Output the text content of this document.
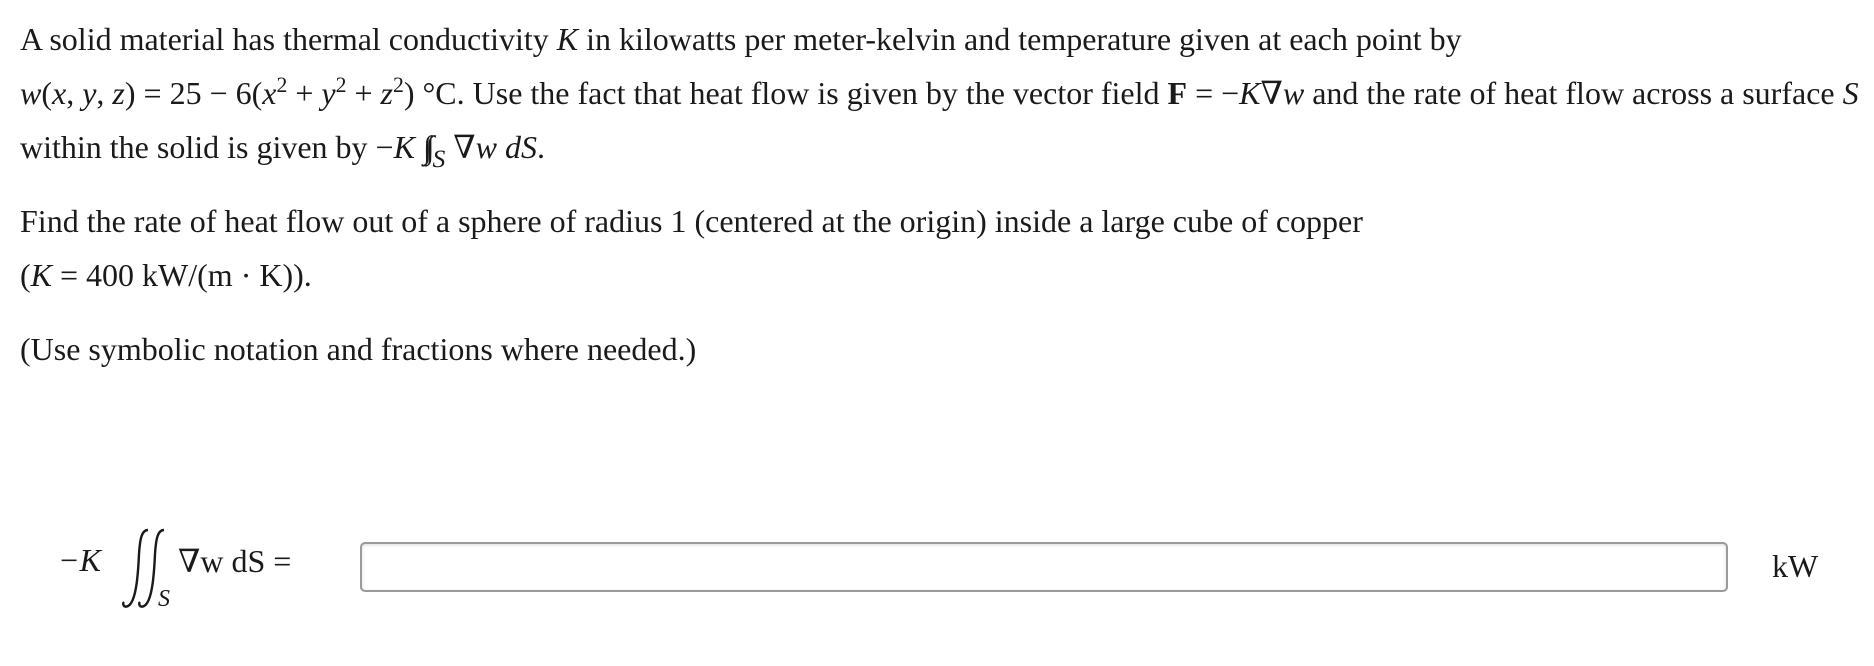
A solid material has thermal conductivity K in kilowatts per meter-kelvin and temperature given at each point by
w(x, y, $z) = 25 - 6(x^2 + y^2 + z^2)$ °C. Use the fact that heat flow is given by the vector field F = −K∇w and the rate of heat flow across a surface S within the solid is given by −K ∫∫ $_S$ ∇w dS.

Find the rate of heat flow out of a sphere of radius 1 (centered at the origin) inside a large cube of copper
(K = 400 kW/(m · K)).

(Use symbolic notation and fractions where needed.)

−K
S
∇w dS =	kW
